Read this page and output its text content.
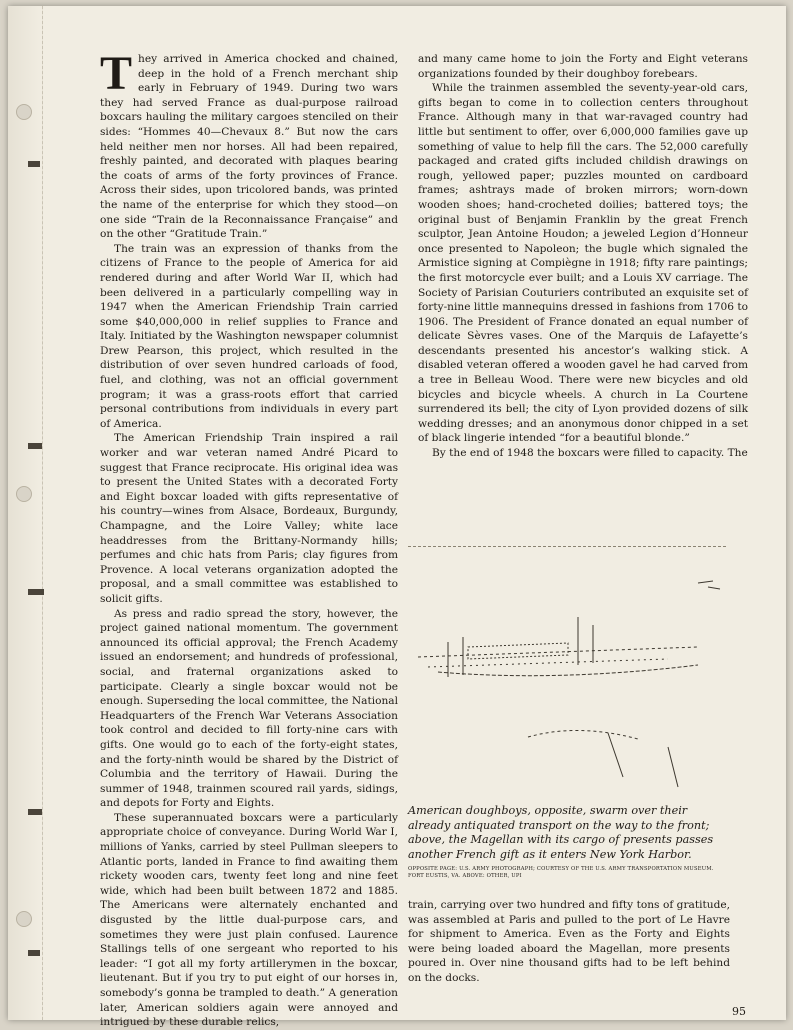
They arrived in America chocked and chained, deep in the hold of a French merchant ship early in February of 1949. During two wars they had served France as dual-purpose railroad boxcars hauling the military cargoes stenciled on their sides: “Hommes 40—Chevaux 8.” But now the cars held neither men nor horses. All had been repaired, freshly painted, and decorated with plaques bearing the coats of arms of the forty provinces of France. Across their sides, upon tricolored bands, was printed the name of the enterprise for which they stood—on one side “Train de la Reconnaissance Française” and on the other “Gratitude Train.”

The train was an expression of thanks from the citizens of France to the people of America for aid rendered during and after World War II, which had been delivered in a particularly compelling way in 1947 when the American Friendship Train carried some $40,000,000 in relief supplies to France and Italy. Initiated by the Washington newspaper columnist Drew Pearson, this project, which resulted in the distribution of over seven hundred carloads of food, fuel, and clothing, was not an official government program; it was a grass-roots effort that carried personal contributions from individuals in every part of America.

The American Friendship Train inspired a rail worker and war veteran named André Picard to suggest that France reciprocate. His original idea was to present the United States with a decorated Forty and Eight boxcar loaded with gifts representative of his country—wines from Alsace, Bordeaux, Burgundy, Champagne, and the Loire Valley; white lace headdresses from the Brittany-Normandy hills; perfumes and chic hats from Paris; clay figures from Provence. A local veterans organization adopted the proposal, and a small committee was established to solicit gifts.

As press and radio spread the story, however, the project gained national momentum. The government announced its official approval; the French Academy issued an endorsement; and hundreds of professional, social, and fraternal organizations asked to participate. Clearly a single boxcar would not be enough. Superseding the local committee, the National Headquarters of the French War Veterans Association took control and decided to fill forty-nine cars with gifts. One would go to each of the forty-eight states, and the forty-ninth would be shared by the District of Columbia and the territory of Hawaii. During the summer of 1948, trainmen scoured rail yards, sidings, and depots for Forty and Eights.

These superannuated boxcars were a particularly appropriate choice of conveyance. During World War I, millions of Yanks, carried by steel Pullman sleepers to Atlantic ports, landed in France to find awaiting them rickety wooden cars, twenty feet long and nine feet wide, which had been built between 1872 and 1885. The Americans were alternately enchanted and disgusted by the little dual-purpose cars, and sometimes they were just plain confused. Laurence Stallings tells of one sergeant who reported to his leader: “I got all my forty artillerymen in the boxcar, lieutenant. But if you try to put eight of our horses in, somebody’s gonna be trampled to death.” A generation later, American soldiers again were annoyed and intrigued by these durable relics,

and many came home to join the Forty and Eight veterans organizations founded by their doughboy forebears.

While the trainmen assembled the seventy-year-old cars, gifts began to come in to collection centers throughout France. Although many in that war-ravaged country had little but sentiment to offer, over 6,000,000 families gave up something of value to help fill the cars. The 52,000 carefully packaged and crated gifts included childish drawings on rough, yellowed paper; puzzles mounted on cardboard frames; ashtrays made of broken mirrors; worn-down wooden shoes; hand-crocheted doilies; battered toys; the original bust of Benjamin Franklin by the great French sculptor, Jean Antoine Houdon; a jeweled Legion d’Honneur once presented to Napoleon; the bugle which signaled the Armistice signing at Compiègne in 1918; fifty rare paintings; the first motorcycle ever built; and a Louis XV carriage. The Society of Parisian Couturiers contributed an exquisite set of forty-nine little mannequins dressed in fashions from 1706 to 1906. The President of France donated an equal number of delicate Sèvres vases. One of the Marquis de Lafayette’s descendants presented his ancestor’s walking stick. A disabled veteran offered a wooden gavel he had carved from a tree in Belleau Wood. There were new bicycles and old bicycles and bicycle wheels. A church in La Courtene surrendered its bell; the city of Lyon provided dozens of silk wedding dresses; and an anonymous donor chipped in a set of black lingerie intended “for a beautiful blonde.”

By the end of 1948 the boxcars were filled to capacity. The

American doughboys, opposite, swarm over their already antiquated transport on the way to the front; above, the Magellan with its cargo of presents passes another French gift as it enters New York Harbor.
OPPOSITE PAGE: U.S. ARMY PHOTOGRAPH; COURTESY OF THE U.S. ARMY TRANSPORTATION MUSEUM. FORT EUSTIS, VA. ABOVE: OTHER, UPI
train, carrying over two hundred and fifty tons of gratitude, was assembled at Paris and pulled to the port of Le Havre for shipment to America. Even as the Forty and Eights were being loaded aboard the Magellan, more presents poured in. Over nine thousand gifts had to be left behind on the docks.
95
